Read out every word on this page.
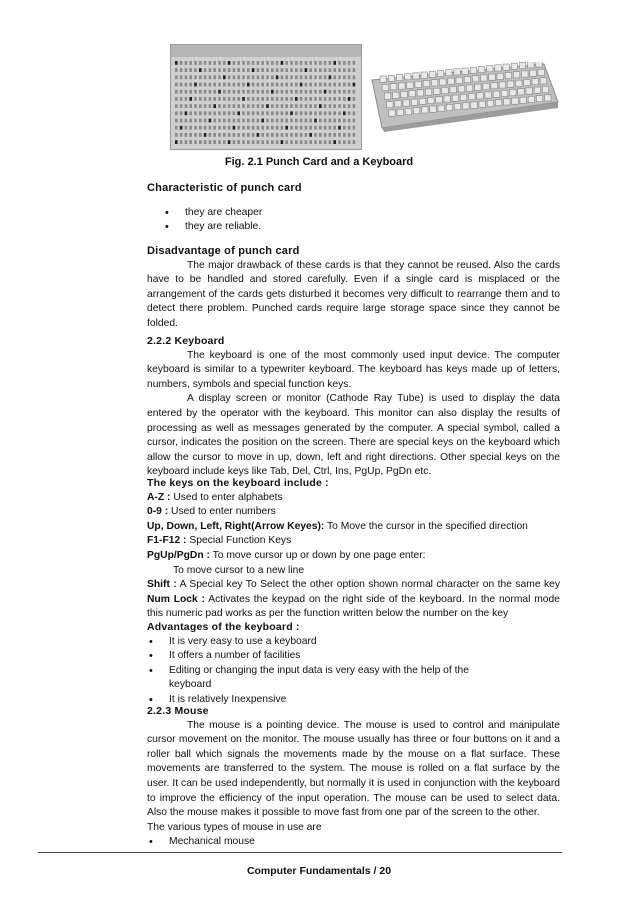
Fig. 2.1 Punch Card and a Keyboard
Characteristic of punch card
• they are cheaper
• they are reliable.
Disadvantage of punch card
The major drawback of these cards is that they cannot be reused. Also the cards have to be handled and stored carefully. Even if a single card is misplaced or the arrangement of the cards gets disturbed it becomes very difficult to rearrange them and to detect there problem. Punched cards require large storage space since they cannot be folded.
2.2.2 Keyboard
The keyboard is one of the most commonly used input device. The computer keyboard is similar to a typewriter keyboard. The keyboard has keys made up of letters, numbers, symbols and special function keys.
A display screen or monitor (Cathode Ray Tube) is used to display the data entered by the operator with the keyboard. This monitor can also display the results of processing as well as messages generated by the computer. A special symbol, called a cursor, indicates the position on the screen. There are special keys on the keyboard which allow the cursor to move in up, down, left and right directions. Other special keys on the keyboard include keys like Tab, Del, Ctrl, Ins, PgUp, PgDn etc.
The keys on the keyboard include :
A-Z : Used to enter alphabets
0-9 : Used to enter numbers
Up, Down, Left, Right(Arrow Keyes): To Move the cursor in the specified direction
F1-F12 : Special Function Keys
PgUp/PgDn : To move cursor up or down by one page enter:
To move cursor to a new line
Shift : A Special key To Select the other option shown normal character on the same key Num Lock : Activates the keypad on the right side of the keyboard. In the normal mode this numeric pad works as per the function written below the number on the key
Advantages of the keyboard :
• It is very easy to use a keyboard
• It offers a number of facilities
• Editing or changing the input data is very easy with the help of the keyboard
• It is relatively Inexpensive
2.2.3 Mouse
The mouse is a pointing device. The mouse is used to control and manipulate cursor movement on the monitor. The mouse usually has three or four buttons on it and a roller ball which signals the movements made by the mouse on a flat surface. These movements are transferred to the system. The mouse is rolled on a flat surface by the user. It can be used independently, but normally it is used in conjunction with the keyboard to improve the efficiency of the input operation. The mouse can be used to select data. Also the mouse makes it possible to move fast from one par of the screen to the other.
The various types of mouse in use are
• Mechanical mouse
Computer Fundamentals / 20
